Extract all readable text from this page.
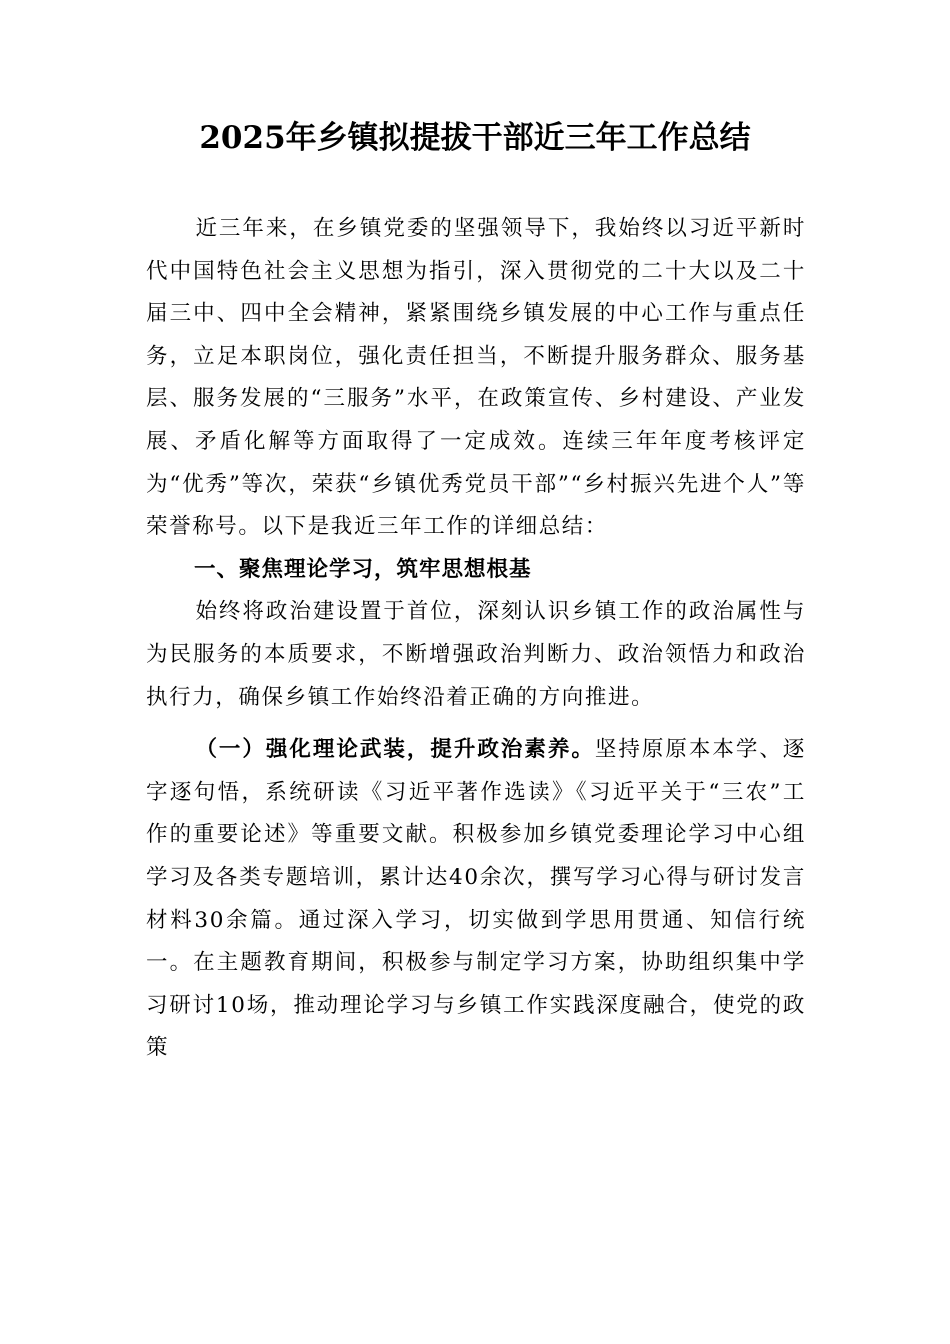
2025年乡镇拟提拔干部近三年工作总结

近三年来，在乡镇党委的坚强领导下，我始终以习近平新时代中国特色社会主义思想为指引，深入贯彻党的二十大以及二十届三中、四中全会精神，紧紧围绕乡镇发展的中心工作与重点任务，立足本职岗位，强化责任担当，不断提升服务群众、服务基层、服务发展的“三服务”水平，在政策宣传、乡村建设、产业发展、矛盾化解等方面取得了一定成效。连续三年年度考核评定为“优秀”等次，荣获“乡镇优秀党员干部”“乡村振兴先进个人”等荣誉称号。以下是我近三年工作的详细总结：

一、聚焦理论学习，筑牢思想根基

始终将政治建设置于首位，深刻认识乡镇工作的政治属性与为民服务的本质要求，不断增强政治判断力、政治领悟力和政治执行力，确保乡镇工作始终沿着正确的方向推进。

（一）强化理论武装，提升政治素养。坚持原原本本学、逐字逐句悟，系统研读《习近平著作选读》《习近平关于“三农”工作的重要论述》等重要文献。积极参加乡镇党委理论学习中心组学习及各类专题培训，累计达40余次，撰写学习心得与研讨发言材料30余篇。通过深入学习，切实做到学思用贯通、知信行统一。在主题教育期间，积极参与制定学习方案，协助组织集中学习研讨10场，推动理论学习与乡镇工作实践深度融合，使党的政策
